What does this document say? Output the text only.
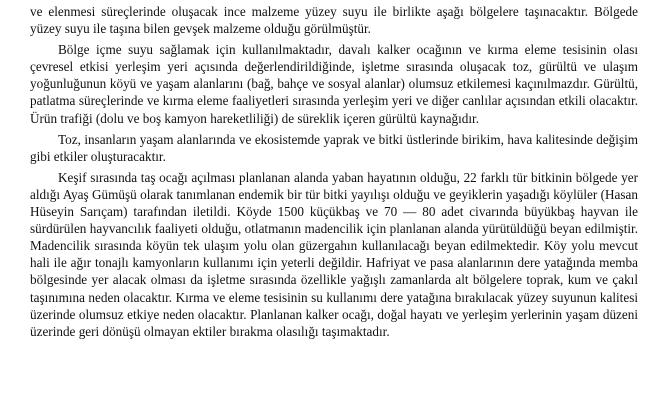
ve elenmesi süreçlerinde oluşacak ince malzeme yüzey suyu ile birlikte aşağı bölgelere taşınacaktır. Bölgede yüzey suyu ile taşına bilen gevşek malzeme olduğu görülmüştür.

Bölge içme suyu sağlamak için kullanılmaktadır, davalı kalker ocağının ve kırma eleme tesisinin olası çevresel etkisi yerleşim yeri açısında değerlendirildiğinde, işletme sırasında oluşacak toz, gürültü ve ulaşım yoğunluğunun köyü ve yaşam alanlarını (bağ, bahçe ve sosyal alanlar) olumsuz etkilemesi kaçınılmazdır. Gürültü, patlatma süreçlerinde ve kırma eleme faaliyetleri sırasında yerleşim yeri ve diğer canlılar açısından etkili olacaktır. Ürün trafiği (dolu ve boş kamyon hareketliliği) de süreklik içeren gürültü kaynağıdır.

Toz, insanların yaşam alanlarında ve ekosistemde yaprak ve bitki üstlerinde birikim, hava kalitesinde değişim gibi etkiler oluşturacaktır.

Keşif sırasında taş ocağı açılması planlanan alanda yaban hayatının olduğu, 22 farklı tür bitkinin bölgede yer aldığı Ayaş Gümüşü olarak tanımlanan endemik bir tür bitki yayılışı olduğu ve geyiklerin yaşadığı köylüler (Hasan Hüseyin Sarıçam) tarafından iletildi. Köyde 1500 küçükbaş ve 70 — 80 adet civarında büyükbaş hayvan ile sürdürülen hayvancılık faaliyeti olduğu, otlatmanın madencilik için planlanan alanda yürütüldüğü beyan edilmiştir. Madencilik sırasında köyün tek ulaşım yolu olan güzergahın kullanılacağı beyan edilmektedir. Köy yolu mevcut hali ile ağır tonajlı kamyonların kullanımı için yeterli değildir. Hafriyat ve pasa alanlarının dere yatağında memba bölgesinde yer alacak olması da işletme sırasında özellikle yağışlı zamanlarda alt bölgelere toprak, kum ve çakıl taşınımına neden olacaktır. Kırma ve eleme tesisinin su kullanımı dere yatağına bırakılacak yüzey suyunun kalitesi üzerinde olumsuz etkiye neden olacaktır. Planlanan kalker ocağı, doğal hayatı ve yerleşim yerlerinin yaşam düzeni üzerinde geri dönüşü olmayan ektiler bırakma olasılığı taşımaktadır.
